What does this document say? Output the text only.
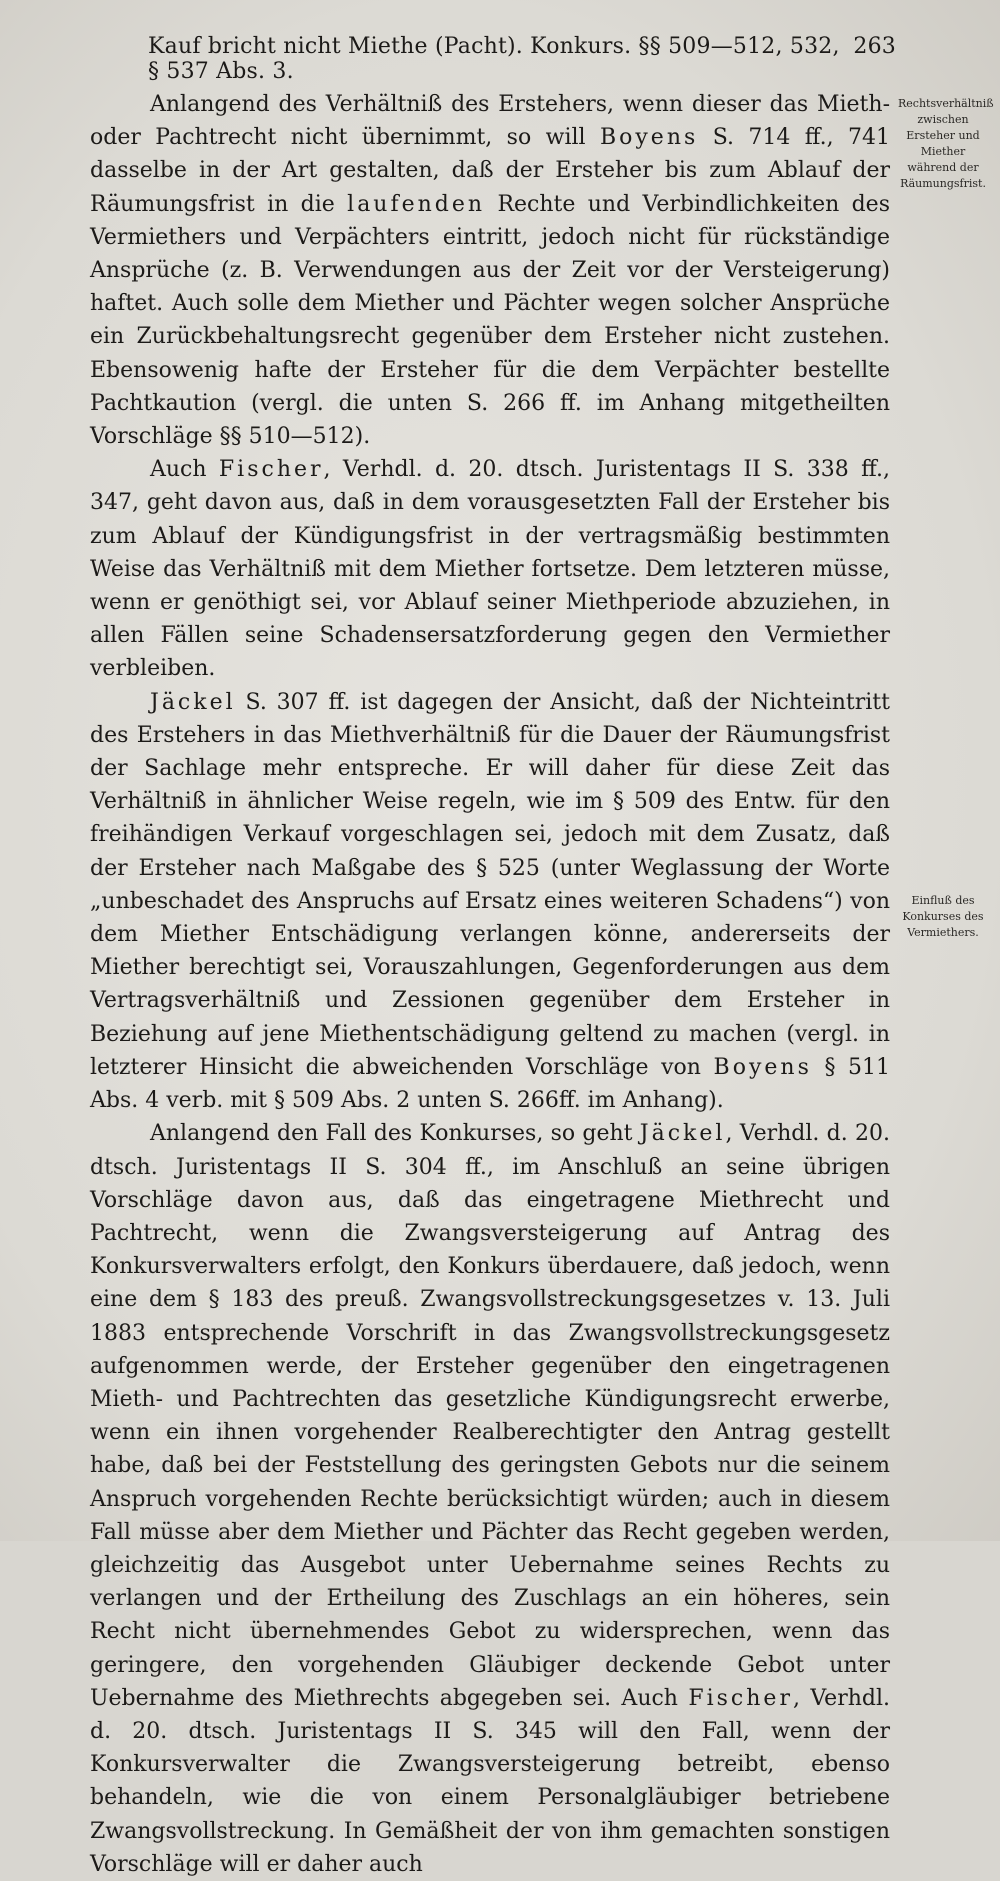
Kauf bricht nicht Miethe (Pacht). Konkurs. §§ 509—512, 532, § 537 Abs. 3.
263
Rechtsverhältniß zwischen Ersteher und Miether während der Räumungsfrist.
Einfluß des Konkurses des Vermiethers.

Anlangend des Verhältniß des Erstehers, wenn dieser das Mieth- oder Pachtrecht nicht übernimmt, so will Boyens S. 714 ff., 741 dasselbe in der Art gestalten, daß der Ersteher bis zum Ablauf der Räumungsfrist in die laufenden Rechte und Verbindlichkeiten des Vermiethers und Verpächters eintritt, jedoch nicht für rückständige Ansprüche (z. B. Verwendungen aus der Zeit vor der Versteigerung) haftet. Auch solle dem Miether und Pächter wegen solcher Ansprüche ein Zurückbehaltungsrecht gegenüber dem Ersteher nicht zustehen. Ebensowenig hafte der Ersteher für die dem Verpächter bestellte Pachtkaution (vergl. die unten S. 266 ff. im Anhang mitgetheilten Vorschläge §§ 510—512).

Auch Fischer, Verhdl. d. 20. dtsch. Juristentags II S. 338 ff., 347, geht davon aus, daß in dem vorausgesetzten Fall der Ersteher bis zum Ablauf der Kündigungsfrist in der vertragsmäßig bestimmten Weise das Verhältniß mit dem Miether fortsetze. Dem letzteren müsse, wenn er genöthigt sei, vor Ablauf seiner Miethperiode abzuziehen, in allen Fällen seine Schadensersatzforderung gegen den Vermiether verbleiben.

Jäckel S. 307 ff. ist dagegen der Ansicht, daß der Nichteintritt des Erstehers in das Miethverhältniß für die Dauer der Räumungsfrist der Sachlage mehr entspreche. Er will daher für diese Zeit das Verhältniß in ähnlicher Weise regeln, wie im § 509 des Entw. für den freihändigen Verkauf vorgeschlagen sei, jedoch mit dem Zusatz, daß der Ersteher nach Maßgabe des § 525 (unter Weglassung der Worte „unbeschadet des Anspruchs auf Ersatz eines weiteren Schadens“) von dem Miether Entschädigung verlangen könne, andererseits der Miether berechtigt sei, Vorauszahlungen, Gegenforderungen aus dem Vertragsverhältniß und Zessionen gegenüber dem Ersteher in Beziehung auf jene Miethentschädigung geltend zu machen (vergl. in letzterer Hinsicht die abweichenden Vorschläge von Boyens § 511 Abs. 4 verb. mit § 509 Abs. 2 unten S. 266ff. im Anhang).

Anlangend den Fall des Konkurses, so geht Jäckel, Verhdl. d. 20. dtsch. Juristentags II S. 304 ff., im Anschluß an seine übrigen Vorschläge davon aus, daß das eingetragene Miethrecht und Pachtrecht, wenn die Zwangsversteigerung auf Antrag des Konkursverwalters erfolgt, den Konkurs überdauere, daß jedoch, wenn eine dem § 183 des preuß. Zwangsvollstreckungsgesetzes v. 13. Juli 1883 entsprechende Vorschrift in das Zwangsvollstreckungsgesetz aufgenommen werde, der Ersteher gegenüber den eingetragenen Mieth- und Pachtrechten das gesetzliche Kündigungsrecht erwerbe, wenn ein ihnen vorgehender Realberechtigter den Antrag gestellt habe, daß bei der Feststellung des geringsten Gebots nur die seinem Anspruch vorgehenden Rechte berücksichtigt würden; auch in diesem Fall müsse aber dem Miether und Pächter das Recht gegeben werden, gleichzeitig das Ausgebot unter Uebernahme seines Rechts zu verlangen und der Ertheilung des Zuschlags an ein höheres, sein Recht nicht übernehmendes Gebot zu widersprechen, wenn das geringere, den vorgehenden Gläubiger deckende Gebot unter Uebernahme des Miethrechts abgegeben sei. Auch Fischer, Verhdl. d. 20. dtsch. Juristentags II S. 345 will den Fall, wenn der Konkursverwalter die Zwangsversteigerung betreibt, ebenso behandeln, wie die von einem Personalgläubiger betriebene Zwangsvollstreckung. In Gemäßheit der von ihm gemachten sonstigen Vorschläge will er daher auch
